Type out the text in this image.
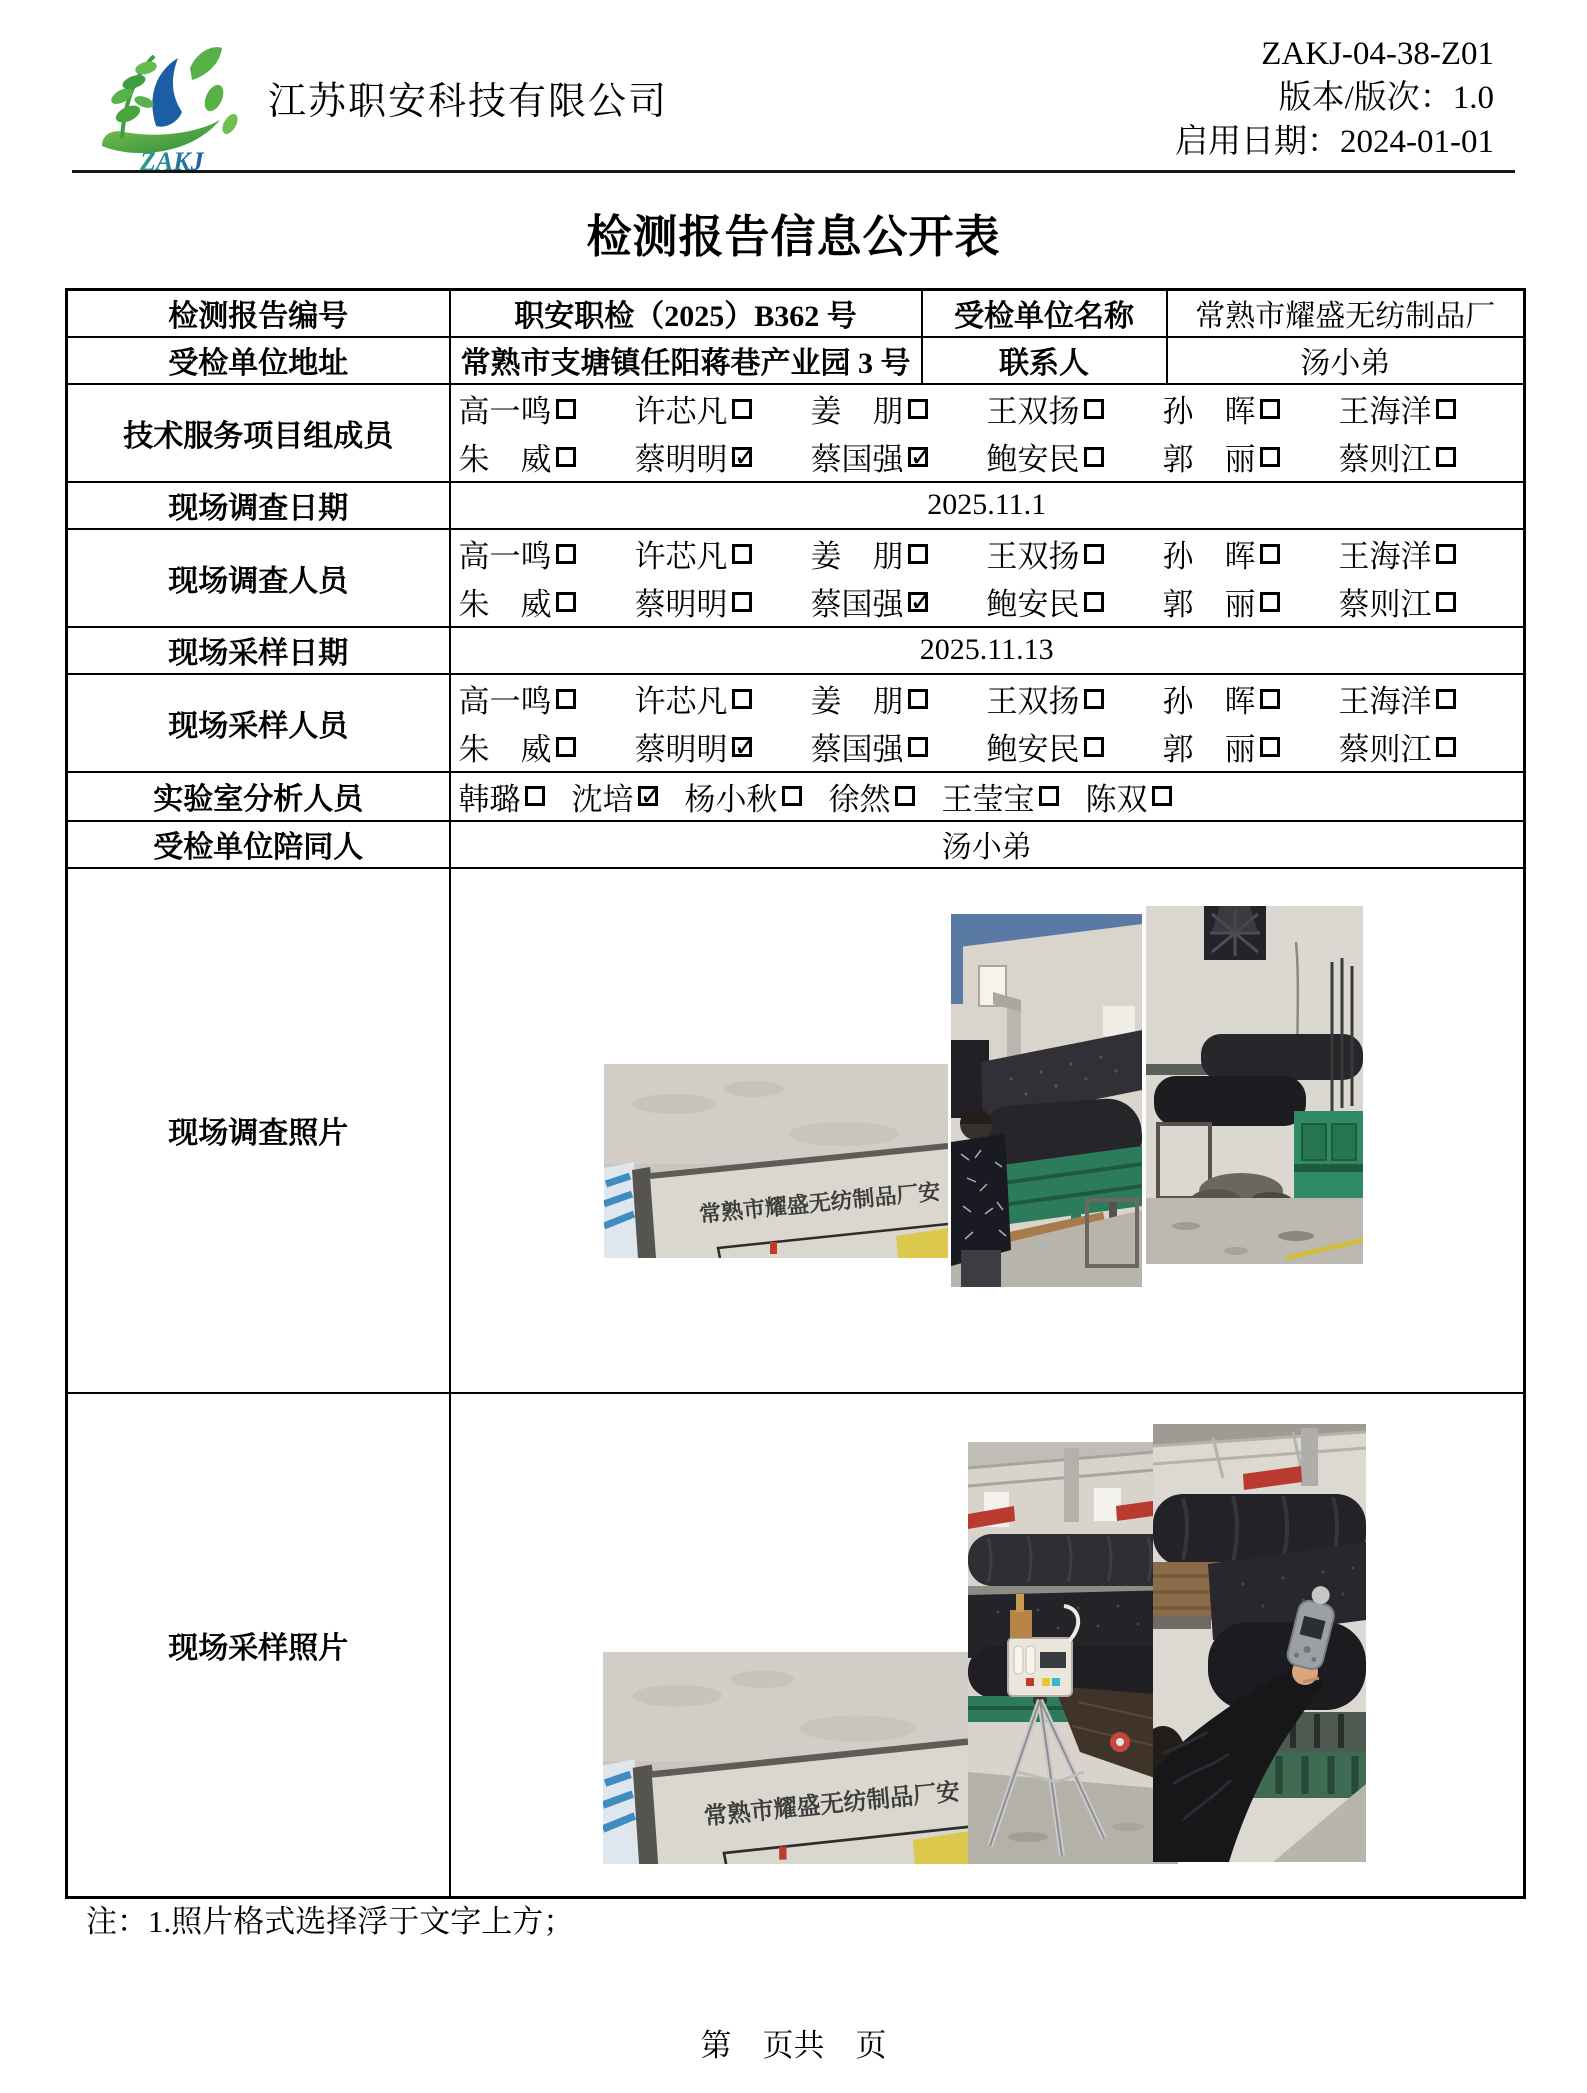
ZAKJ
江苏职安科技有限公司
ZAKJ-04-38-Z01
版本/版次：1.0
启用日期：2024-01-01
检测报告信息公开表
检测报告编号	职安职检（2025）B362 号	受检单位名称	常熟市耀盛无纺制品厂
受检单位地址	常熟市支塘镇任阳蒋巷产业园 3 号	联系人	汤小弟
技术服务项目组成员	
高一鸣	许芯凡	姜　朋	王双扬	孙　晖	王海洋
朱　威	蔡明明 ✓	蔡国强 ✓	鲍安民	郭　丽	蔡则江

现场调查日期	2025.11.1		
现场调查人员	
高一鸣	许芯凡	姜　朋	王双扬	孙　晖	王海洋
朱　威	蔡明明	蔡国强 ✓	鲍安民	郭　丽	蔡则江

现场采样日期	2025.11.13		
现场采样人员	
高一鸣	许芯凡	姜　朋	王双扬	孙　晖	王海洋
朱　威	蔡明明 ✓	蔡国强	鲍安民	郭　丽	蔡则江

实验室分析人员	韩璐 沈培 ✓ 杨小秋 徐然 王莹宝 陈双

受检单位陪同人	汤小弟		
现场调查照片	

现场采样照片	
注：1.照片格式选择浮于文字上方；
第　页共　页
